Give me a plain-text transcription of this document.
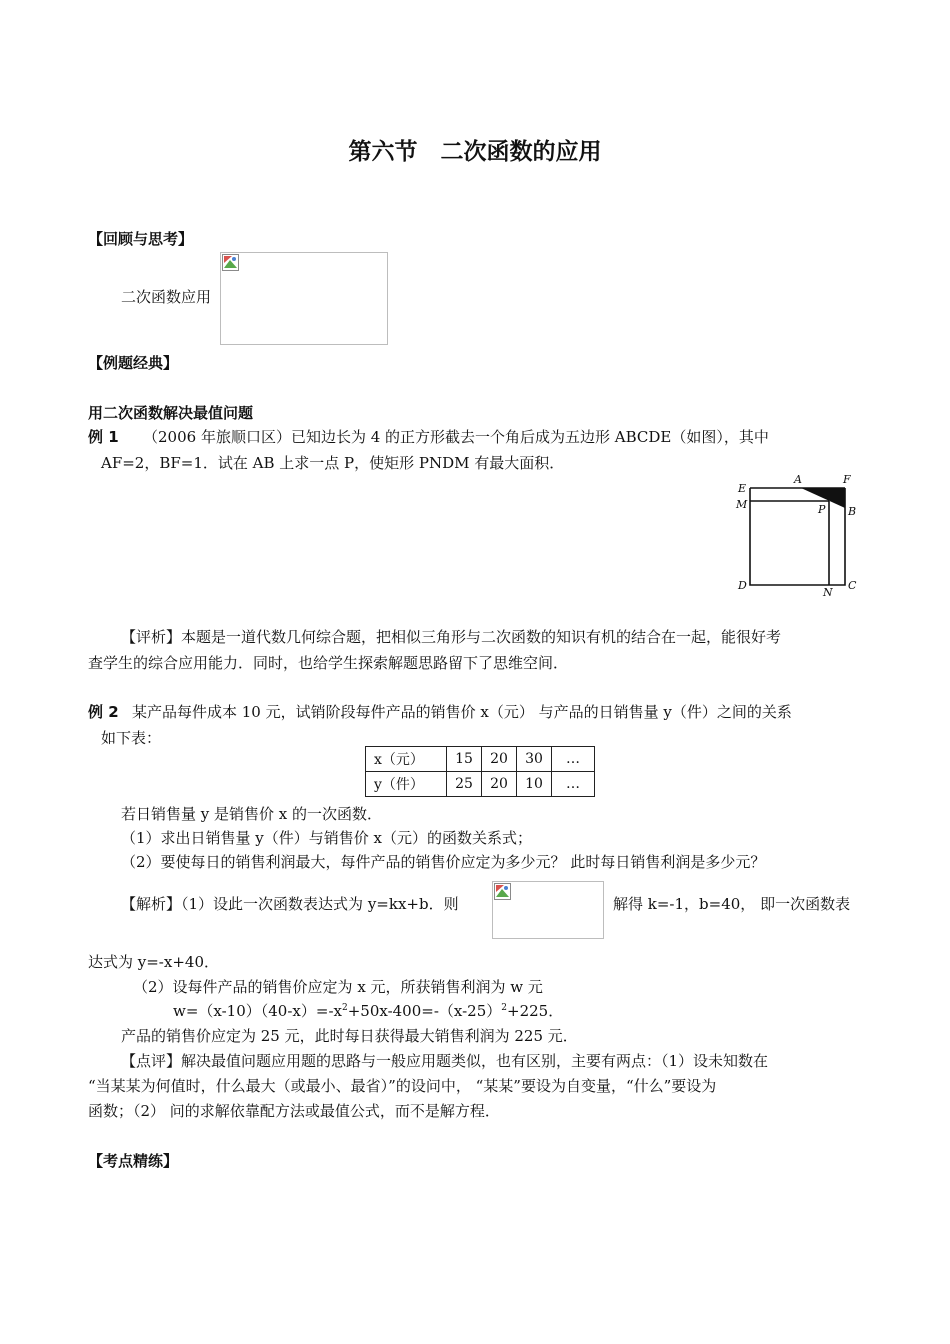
第六节　二次函数的应用
【回顾与思考】
二次函数应用
【例题经典】
用二次函数解决最值问题
例 1 （2006 年旅顺口区）已知边长为 4 的正方形截去一个角后成为五边形 ABCDE（如图），其中
AF=2，BF=1．试在 AB 上求一点 P，使矩形 PNDM 有最大面积．
A	F
E
M	P B
D
N
C
【评析】本题是一道代数几何综合题，把相似三角形与二次函数的知识有机的结合在一起，能很好考
查学生的综合应用能力．同时，也给学生探索解题思路留下了思维空间．
例 2 某产品每件成本 10 元，试销阶段每件产品的销售价 x（元） 与产品的日销售量 y（件）之间的关系
如下表：
x（元）	15	20	30	…
y（件）	25	20	10	…
若日销售量 y 是销售价 x 的一次函数．
（1）求出日销售量 y（件）与销售价 x（元）的函数关系式；
（2）要使每日的销售利润最大，每件产品的销售价应定为多少元？ 此时每日销售利润是多少元？
【解析】（1）设此一次函数表达式为 y=kx+b．则	解得 k=-1，b=40， 即一次函数表
达式为 y=-x+40．
（2）设每件产品的销售价应定为 x 元，所获销售利润为 w 元
$w=(x-10)(40-x)=-x^2+50x-400=-(x-25)^2+225$．
产品的销售价应定为 25 元，此时每日获得最大销售利润为 225 元．
【点评】解决最值问题应用题的思路与一般应用题类似，也有区别，主要有两点：（1）设未知数在
“当某某为何值时，什么最大（或最小、最省）”的设问中， “某某”要设为自变量，“什么”要设为
函数；（2） 问的求解依靠配方法或最值公式，而不是解方程．
【考点精练】
